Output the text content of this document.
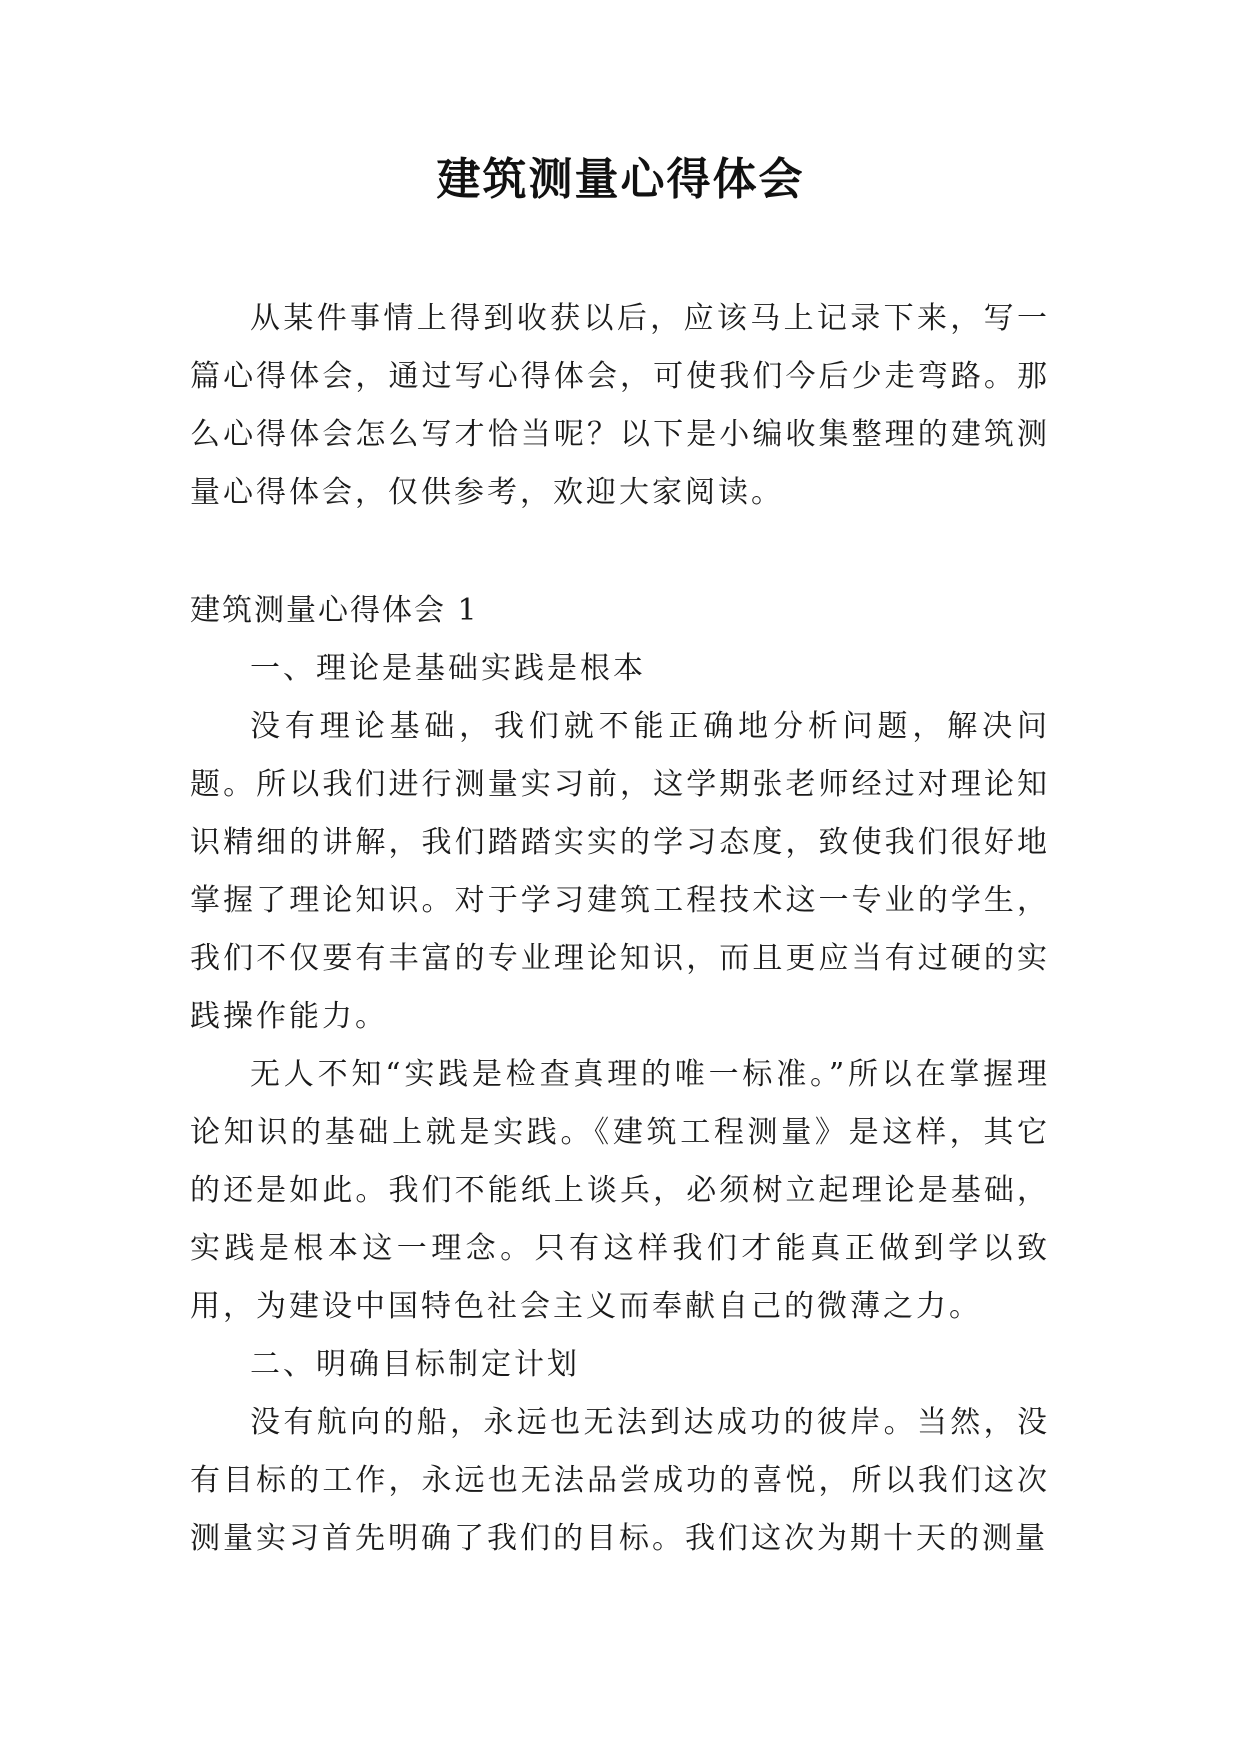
建筑测量心得体会

从某件事情上得到收获以后，应该马上记录下来，写一篇心得体会，通过写心得体会，可使我们今后少走弯路。那么心得体会怎么写才恰当呢？以下是小编收集整理的建筑测量心得体会，仅供参考，欢迎大家阅读。

建筑测量心得体会 1

一、理论是基础实践是根本

没有理论基础，我们就不能正确地分析问题，解决问题。所以我们进行测量实习前，这学期张老师经过对理论知识精细的讲解，我们踏踏实实的学习态度，致使我们很好地掌握了理论知识。对于学习建筑工程技术这一专业的学生，我们不仅要有丰富的专业理论知识，而且更应当有过硬的实践操作能力。

无人不知“实践是检查真理的唯一标准。”所以在掌握理论知识的基础上就是实践。《建筑工程测量》是这样，其它的还是如此。我们不能纸上谈兵，必须树立起理论是基础，实践是根本这一理念。只有这样我们才能真正做到学以致用，为建设中国特色社会主义而奉献自己的微薄之力。

二、明确目标制定计划

没有航向的船，永远也无法到达成功的彼岸。当然，没有目标的工作，永远也无法品尝成功的喜悦，所以我们这次测量实习首先明确了我们的目标。我们这次为期十天的测量
